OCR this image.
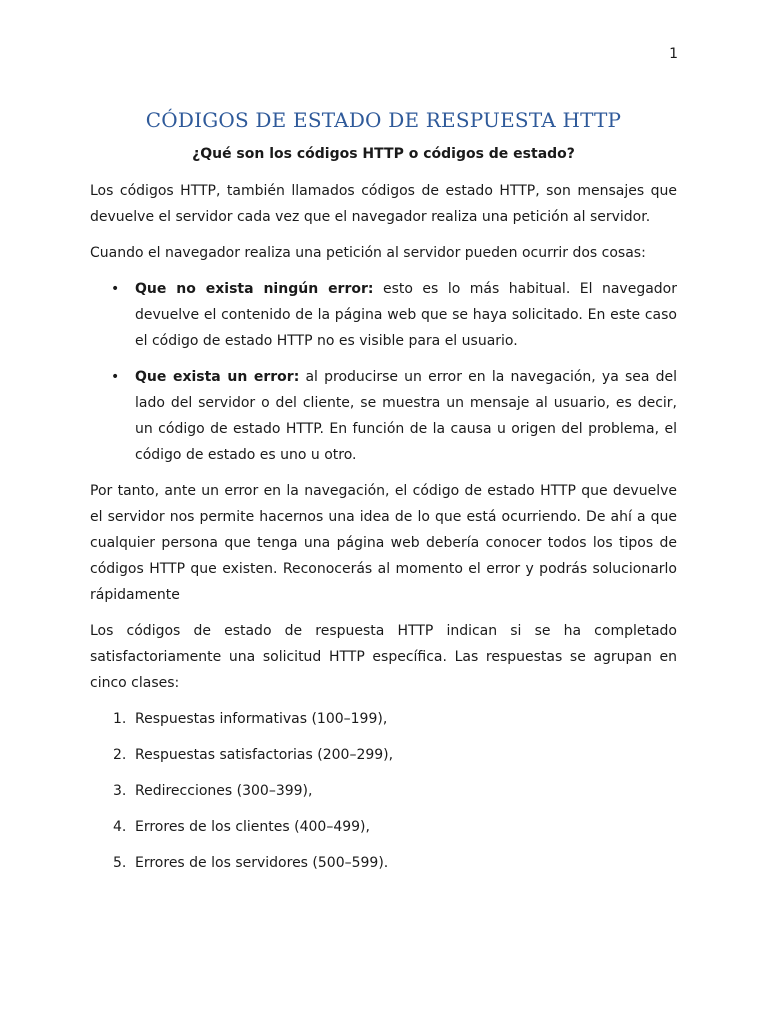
1
CÓDIGOS DE ESTADO DE RESPUESTA HTTP
¿Qué son los códigos HTTP o códigos de estado?

Los códigos HTTP, también llamados códigos de estado HTTP, son mensajes que devuelve el servidor cada vez que el navegador realiza una petición al servidor.

Cuando el navegador realiza una petición al servidor pueden ocurrir dos cosas:

• Que no exista ningún error: esto es lo más habitual. El navegador devuelve el contenido de la página web que se haya solicitado. En este caso el código de estado HTTP no es visible para el usuario.
• Que exista un error: al producirse un error en la navegación, ya sea del lado del servidor o del cliente, se muestra un mensaje al usuario, es decir, un código de estado HTTP. En función de la causa u origen del problema, el código de estado es uno u otro.

Por tanto, ante un error en la navegación, el código de estado HTTP que devuelve el servidor nos permite hacernos una idea de lo que está ocurriendo. De ahí a que cualquier persona que tenga una página web debería conocer todos los tipos de códigos HTTP que existen. Reconocerás al momento el error y podrás solucionarlo rápidamente

Los códigos de estado de respuesta HTTP indican si se ha completado satisfactoriamente una solicitud HTTP específica. Las respuestas se agrupan en cinco clases:

1. Respuestas informativas (100–199),
2. Respuestas satisfactorias (200–299),
3. Redirecciones (300–399),
4. Errores de los clientes (400–499),
5. Errores de los servidores (500–599).
